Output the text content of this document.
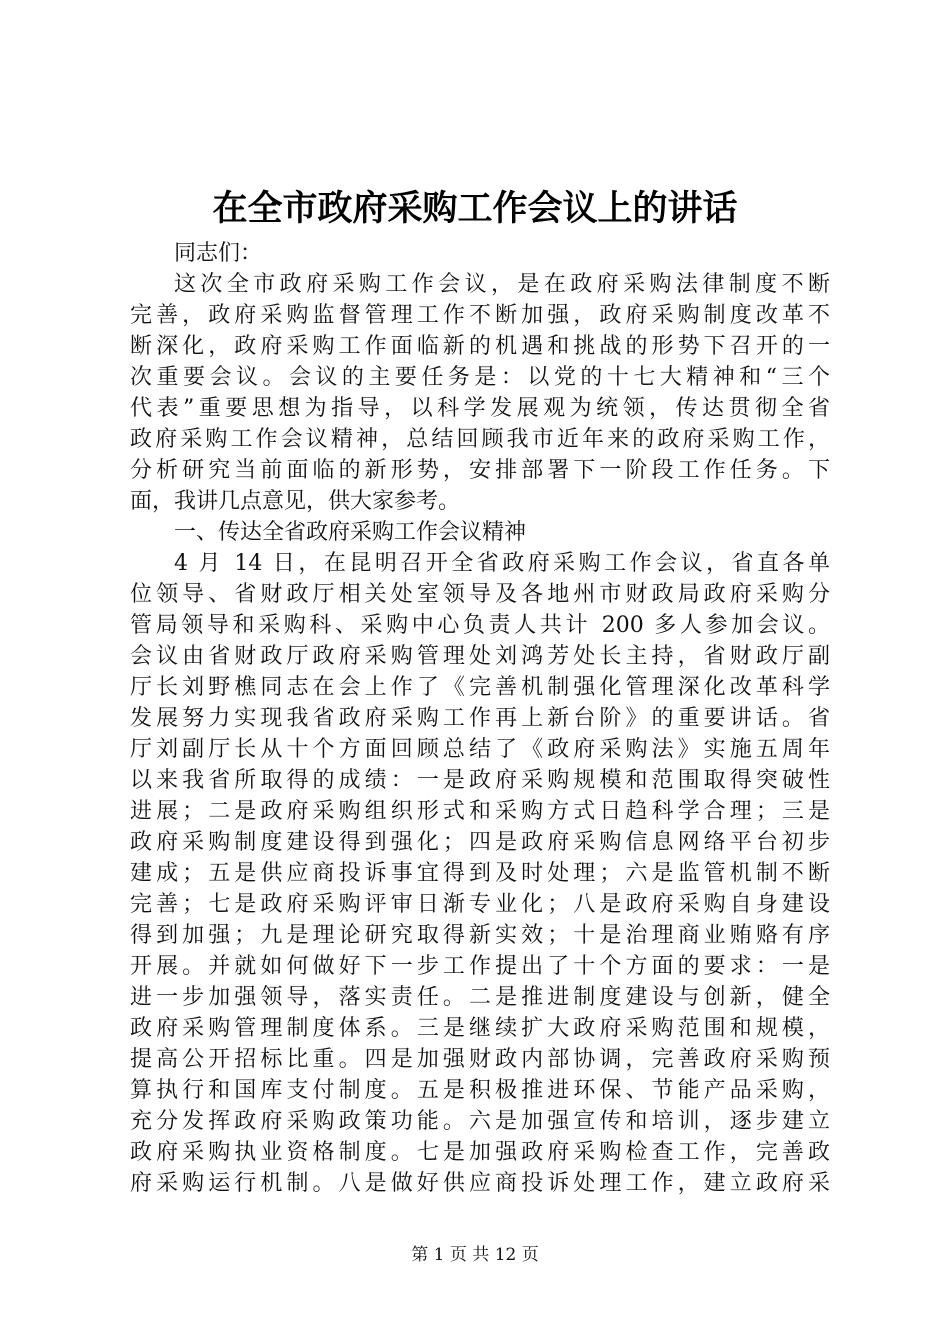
在全市政府采购工作会议上的讲话
同志们：
这次全市政府采购工作会议，是在政府采购法律制度不断
完善，政府采购监督管理工作不断加强，政府采购制度改革不
断深化，政府采购工作面临新的机遇和挑战的形势下召开的一
次重要会议。会议的主要任务是：以党的十七大精神和“三个
代表”重要思想为指导，以科学发展观为统领，传达贯彻全省
政府采购工作会议精神，总结回顾我市近年来的政府采购工作，
分析研究当前面临的新形势，安排部署下一阶段工作任务。下
面，我讲几点意见，供大家参考。
一、传达全省政府采购工作会议精神
4 月 14 日，在昆明召开全省政府采购工作会议，省直各单
位领导、省财政厅相关处室领导及各地州市财政局政府采购分
管局领导和采购科、采购中心负责人共计 200 多人参加会议。
会议由省财政厅政府采购管理处刘鸿芳处长主持，省财政厅副
厅长刘野樵同志在会上作了《完善机制强化管理深化改革科学
发展努力实现我省政府采购工作再上新台阶》的重要讲话。省
厅刘副厅长从十个方面回顾总结了《政府采购法》实施五周年
以来我省所取得的成绩：一是政府采购规模和范围取得突破性
进展；二是政府采购组织形式和采购方式日趋科学合理；三是
政府采购制度建设得到强化；四是政府采购信息网络平台初步
建成；五是供应商投诉事宜得到及时处理；六是监管机制不断
完善；七是政府采购评审日渐专业化；八是政府采购自身建设
得到加强；九是理论研究取得新实效；十是治理商业贿赂有序
开展。并就如何做好下一步工作提出了十个方面的要求：一是
进一步加强领导，落实责任。二是推进制度建设与创新，健全
政府采购管理制度体系。三是继续扩大政府采购范围和规模，
提高公开招标比重。四是加强财政内部协调，完善政府采购预
算执行和国库支付制度。五是积极推进环保、节能产品采购，
充分发挥政府采购政策功能。六是加强宣传和培训，逐步建立
政府采购执业资格制度。七是加强政府采购检查工作，完善政
府采购运行机制。八是做好供应商投诉处理工作，建立政府采
第 1 页 共 12 页
